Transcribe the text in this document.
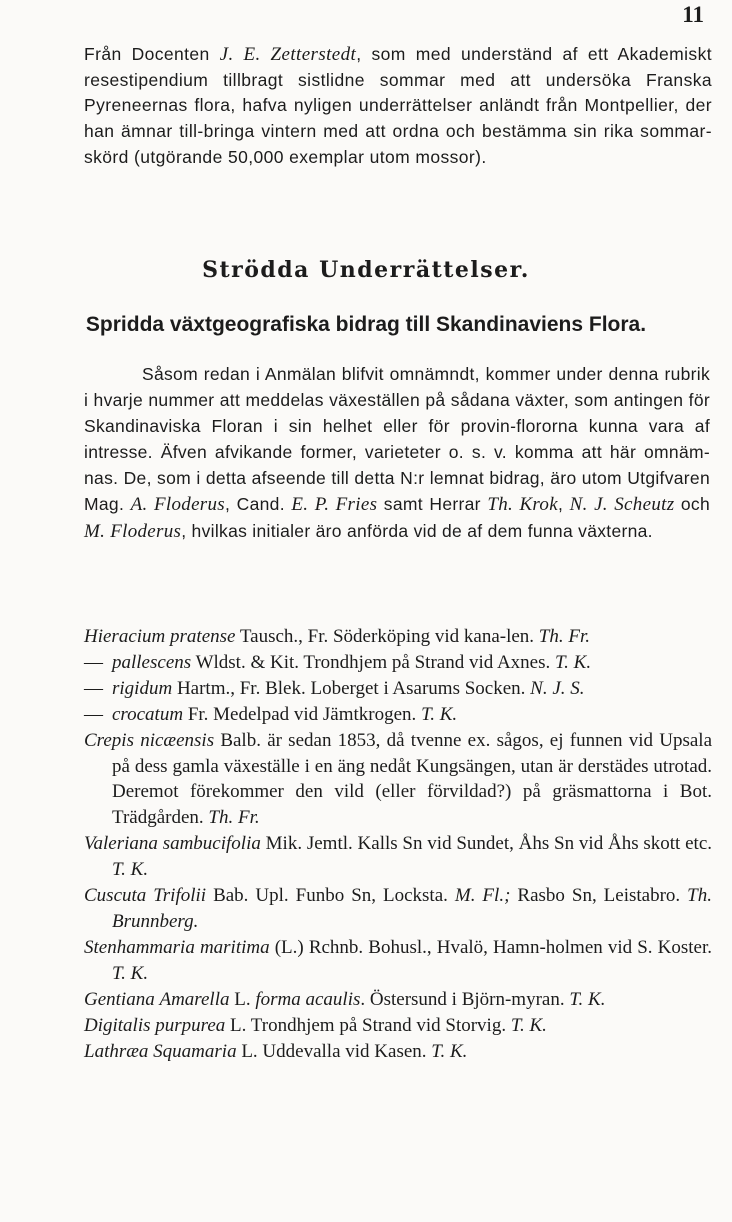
11
Från Docenten J. E. Zetterstedt, som med underständ af ett Akademiskt resestipendium tillbragt sistlidne sommar med att undersöka Franska Pyreneernas flora, hafva nyligen underrättelser anländt från Montpellier, der han ämnar till-bringa vintern med att ordna och bestämma sin rika sommar-skörd (utgörande 50,000 exemplar utom mossor).
Strödda Underrättelser.
Spridda växtgeografiska bidrag till Skandinaviens Flora.
Såsom redan i Anmälan blifvit omnämndt, kommer under denna rubrik i hvarje nummer att meddelas växeställen på sådana växter, som antingen för Skandinaviska Floran i sin helhet eller för provin-flororna kunna vara af intresse. Äfven afvikande former, varieteter o. s. v. komma att här omnäm-nas. De, som i detta afseende till detta N:r lemnat bidrag, äro utom Utgifvaren Mag. A. Floderus, Cand. E. P. Fries samt Herrar Th. Krok, N. J. Scheutz och M. Floderus, hvilkas initialer äro anförda vid de af dem funna växterna.
Hieracium pratense Tausch., Fr. Söderköping vid kana-len. Th. Fr.
— pallescens Wldst. & Kit. Trondhjem på Strand vid Axnes. T. K.
— rigidum Hartm., Fr. Blek. Loberget i Asarums Socken. N. J. S.
— crocatum Fr. Medelpad vid Jämtkrogen. T. K.
Crepis nicæensis Balb. är sedan 1853, då tvenne ex. sågos, ej funnen vid Upsala på dess gamla växeställe i en äng nedåt Kungsängen, utan är derstädes utrotad. Deremot förekommer den vild (eller förvildad?) på gräsmattorna i Bot. Trädgården. Th. Fr.
Valeriana sambucifolia Mik. Jemtl. Kalls Sn vid Sundet, Åhs Sn vid Åhs skott etc. T. K.
Cuscuta Trifolii Bab. Upl. Funbo Sn, Lockstа. M. Fl.; Rasbo Sn, Leistabro. Th. Brunnberg.
Stenhammaria maritima (L.) Rchnb. Bohusl., Hvalö, Hamn-holmen vid S. Koster. T. K.
Gentiana Amarella L. forma acaulis. Östersund i Björn-myran. T. K.
Digitalis purpurea L. Trondhjem på Strand vid Storvig. T. K.
Lathræa Squamaria L. Uddevalla vid Kasen. T. K.
